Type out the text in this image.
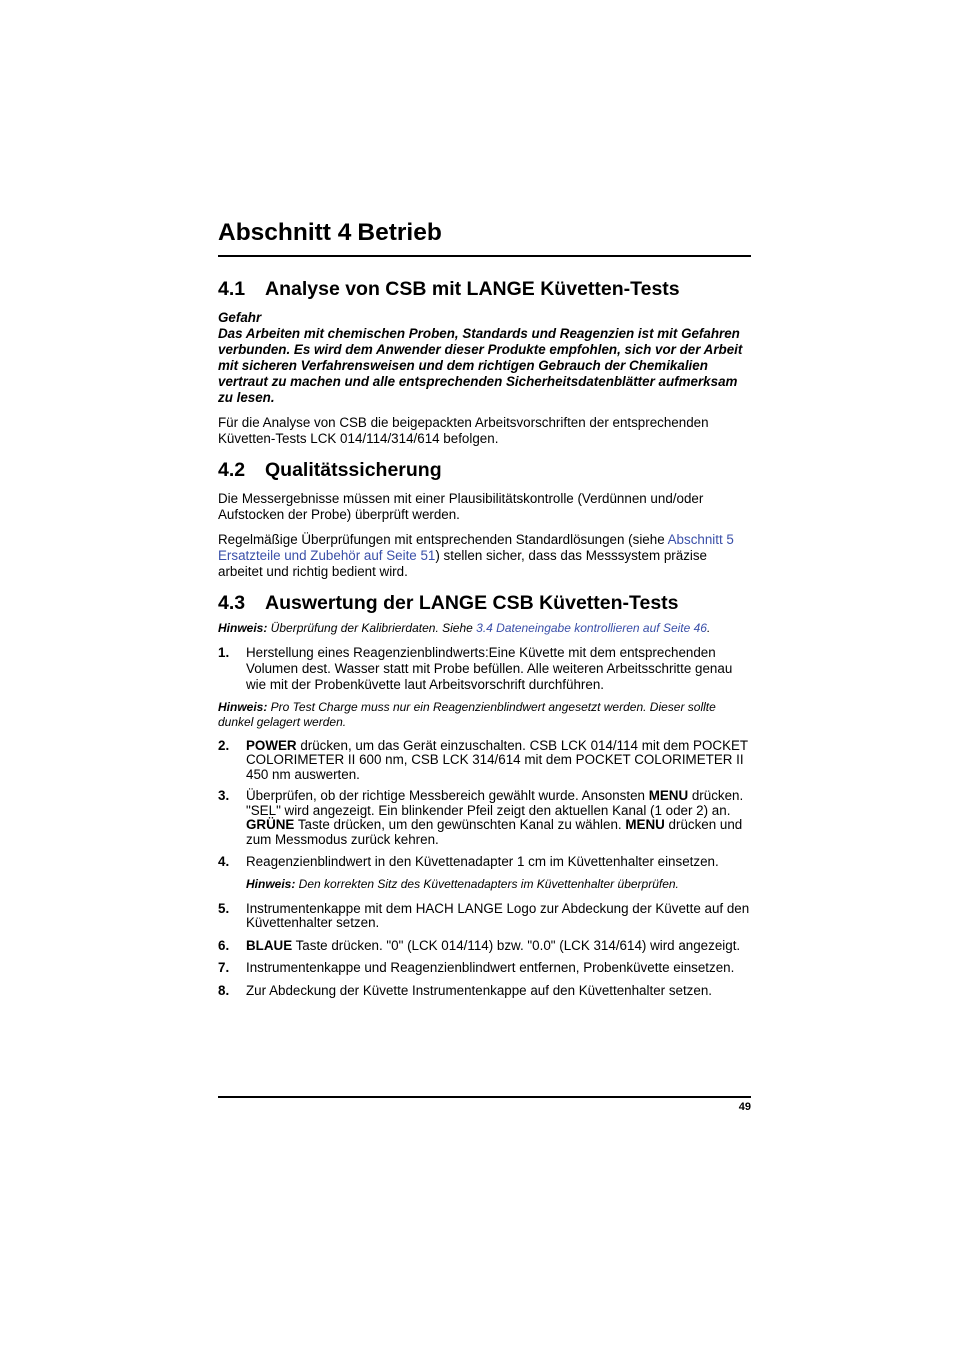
Abschnitt 4 Betrieb
4.1 Analyse von CSB mit LANGE Küvetten-Tests
Gefahr
Das Arbeiten mit chemischen Proben, Standards und Reagenzien ist mit Gefahren verbunden. Es wird dem Anwender dieser Produkte empfohlen, sich vor der Arbeit mit sicheren Verfahrensweisen und dem richtigen Gebrauch der Chemikalien vertraut zu machen und alle entsprechenden Sicherheitsdatenblätter aufmerksam zu lesen.

Für die Analyse von CSB die beigepackten Arbeitsvorschriften der entsprechenden Küvetten-Tests LCK 014/114/314/614 befolgen.

4.2 Qualitätssicherung

Die Messergebnisse müssen mit einer Plausibilitätskontrolle (Verdünnen und/oder Aufstocken der Probe) überprüft werden.

Regelmäßige Überprüfungen mit entsprechenden Standardlösungen (siehe Abschnitt 5 Ersatzteile und Zubehör auf Seite 51) stellen sicher, dass das Messsystem präzise arbeitet und richtig bedient wird.

4.3 Auswertung der LANGE CSB Küvetten-Tests
Hinweis: Überprüfung der Kalibrierdaten. Siehe 3.4 Dateneingabe kontrollieren auf Seite 46.
1. Herstellung eines Reagenzienblindwerts:Eine Küvette mit dem entsprechenden Volumen dest. Wasser statt mit Probe befüllen. Alle weiteren Arbeitsschritte genau wie mit der Probenküvette laut Arbeitsvorschrift durchführen.
Hinweis: Pro Test Charge muss nur ein Reagenzienblindwert angesetzt werden. Dieser sollte dunkel gelagert werden.
2. POWER drücken, um das Gerät einzuschalten. CSB LCK 014/114 mit dem POCKET COLORIMETER II 600 nm, CSB LCK 314/614 mit dem POCKET COLORIMETER II 450 nm auswerten.
3. Überprüfen, ob der richtige Messbereich gewählt wurde. Ansonsten MENU drücken. "SEL" wird angezeigt. Ein blinkender Pfeil zeigt den aktuellen Kanal (1 oder 2) an. GRÜNE Taste drücken, um den gewünschten Kanal zu wählen. MENU drücken und zum Messmodus zurück kehren.
4. Reagenzienblindwert in den Küvettenadapter 1 cm im Küvettenhalter einsetzen.
Hinweis: Den korrekten Sitz des Küvettenadapters im Küvettenhalter überprüfen.
5. Instrumentenkappe mit dem HACH LANGE Logo zur Abdeckung der Küvette auf den Küvettenhalter setzen.
6. BLAUE Taste drücken. "0" (LCK 014/114) bzw. "0.0" (LCK 314/614) wird angezeigt.
7. Instrumentenkappe und Reagenzienblindwert entfernen, Probenküvette einsetzen.
8. Zur Abdeckung der Küvette Instrumentenkappe auf den Küvettenhalter setzen.
49
